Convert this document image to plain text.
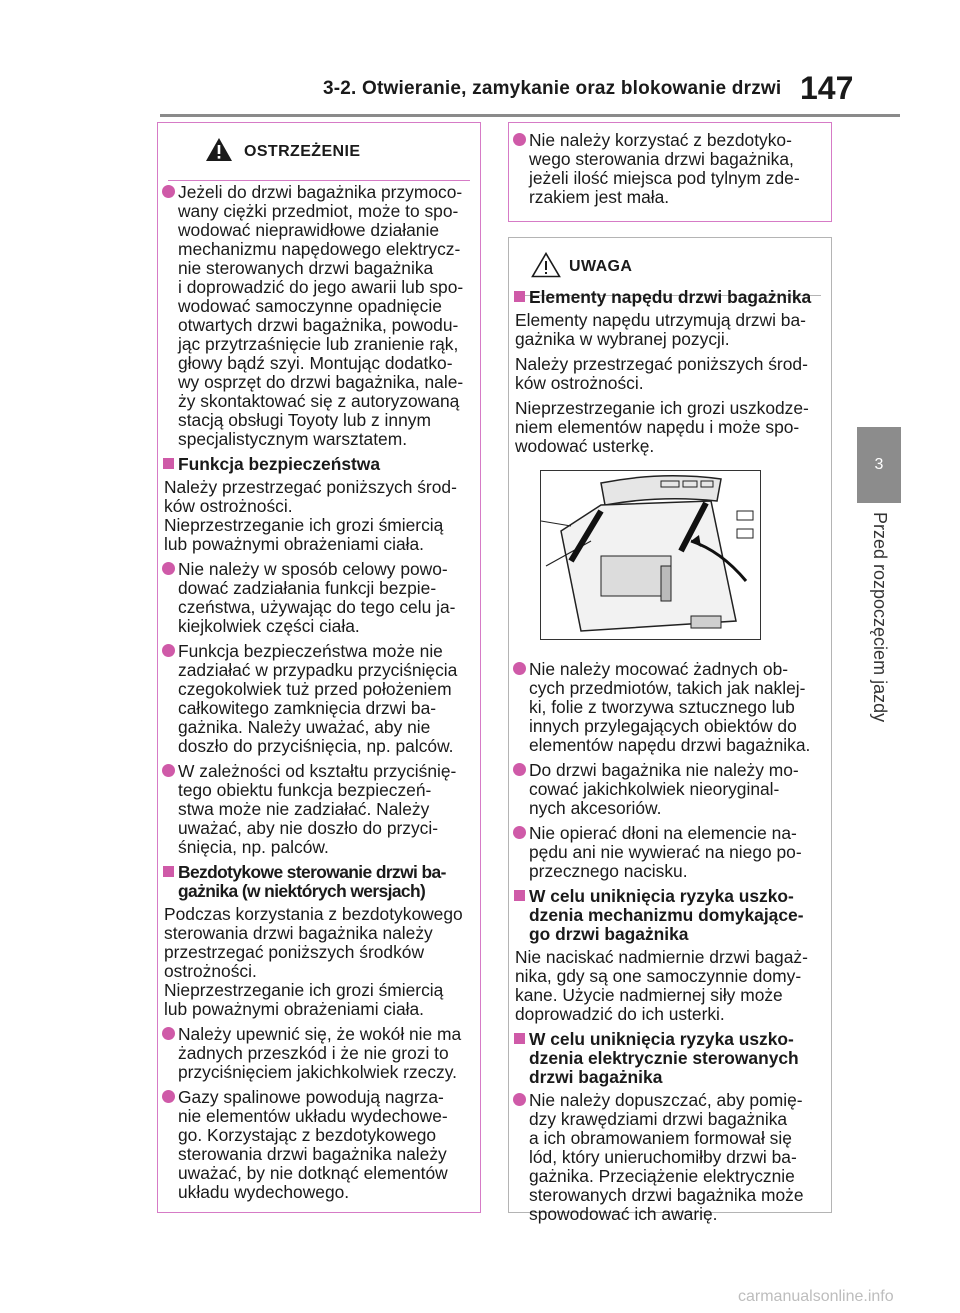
3-2. Otwieranie, zamykanie oraz blokowanie drzwi 147
3
Przed rozpoczęciem jazdy
OSTRZEŻENIE
Jeżeli do drzwi bagażnika przymoco-
wany ciężki przedmiot, może to spo-
wodować nieprawidłowe działanie
mechanizmu napędowego elektrycz-
nie sterowanych drzwi bagażnika
i doprowadzić do jego awarii lub spo-
wodować samoczynne opadnięcie
otwartych drzwi bagażnika, powodu-
jąc przytrzaśnięcie lub zranienie rąk,
głowy bądź szyi. Montując dodatko-
wy osprzęt do drzwi bagażnika, nale-
ży skontaktować się z autoryzowaną
stacją obsługi Toyoty lub z innym
specjalistycznym warsztatem.
Funkcja bezpieczeństwa
Należy przestrzegać poniższych środ-
ków ostrożności.
Nieprzestrzeganie ich grozi śmiercią
lub poważnymi obrażeniami ciała.
Nie należy w sposób celowy powo-
dować zadziałania funkcji bezpie-
czeństwa, używając do tego celu ja-
kiejkolwiek części ciała.
Funkcja bezpieczeństwa może nie
zadziałać w przypadku przyciśnięcia
czegokolwiek tuż przed położeniem
całkowitego zamknięcia drzwi ba-
gażnika. Należy uważać, aby nie
doszło do przyciśnięcia, np. palców.
W zależności od kształtu przyciśnię-
tego obiektu funkcja bezpieczeń-
stwa może nie zadziałać. Należy
uważać, aby nie doszło do przyci-
śnięcia, np. palców.
Bezdotykowe sterowanie drzwi ba-
gażnika (w niektórych wersjach)
Podczas korzystania z bezdotykowego
sterowania drzwi bagażnika należy
przestrzegać poniższych środków
ostrożności.
Nieprzestrzeganie ich grozi śmiercią
lub poważnymi obrażeniami ciała.
Należy upewnić się, że wokół nie ma
żadnych przeszkód i że nie grozi to
przyciśnięciem jakichkolwiek rzeczy.
Gazy spalinowe powodują nagrza-
nie elementów układu wydechowe-
go. Korzystając z bezdotykowego
sterowania drzwi bagażnika należy
uważać, by nie dotknąć elementów
układu wydechowego.
Nie należy korzystać z bezdotyko-
wego sterowania drzwi bagażnika,
jeżeli ilość miejsca pod tylnym zde-
rzakiem jest mała.
UWAGA
Elementy napędu drzwi bagażnika
Elementy napędu utrzymują drzwi ba-
gażnika w wybranej pozycji.
Należy przestrzegać poniższych środ-
ków ostrożności.
Nieprzestrzeganie ich grozi uszkodze-
niem elementów napędu i może spo-
wodować usterkę.
Nie należy mocować żadnych ob-
cych przedmiotów, takich jak naklej-
ki, folie z tworzywa sztucznego lub
innych przylegających obiektów do
elementów napędu drzwi bagażnika.
Do drzwi bagażnika nie należy mo-
cować jakichkolwiek nieoryginal-
nych akcesoriów.
Nie opierać dłoni na elemencie na-
pędu ani nie wywierać na niego po-
przecznego nacisku.
W celu uniknięcia ryzyka uszko-
dzenia mechanizmu domykające-
go drzwi bagażnika
Nie naciskać nadmiernie drzwi bagaż-
nika, gdy są one samoczynnie domy-
kane. Użycie nadmiernej siły może
doprowadzić do ich usterki.
W celu uniknięcia ryzyka uszko-
dzenia elektrycznie sterowanych
drzwi bagażnika
Nie należy dopuszczać, aby pomię-
dzy krawędziami drzwi bagażnika
a ich obramowaniem formował się
lód, który unieruchomiłby drzwi ba-
gażnika. Przeciążenie elektrycznie
sterowanych drzwi bagażnika może
spowodować ich awarię.
carmanualsonline.info
